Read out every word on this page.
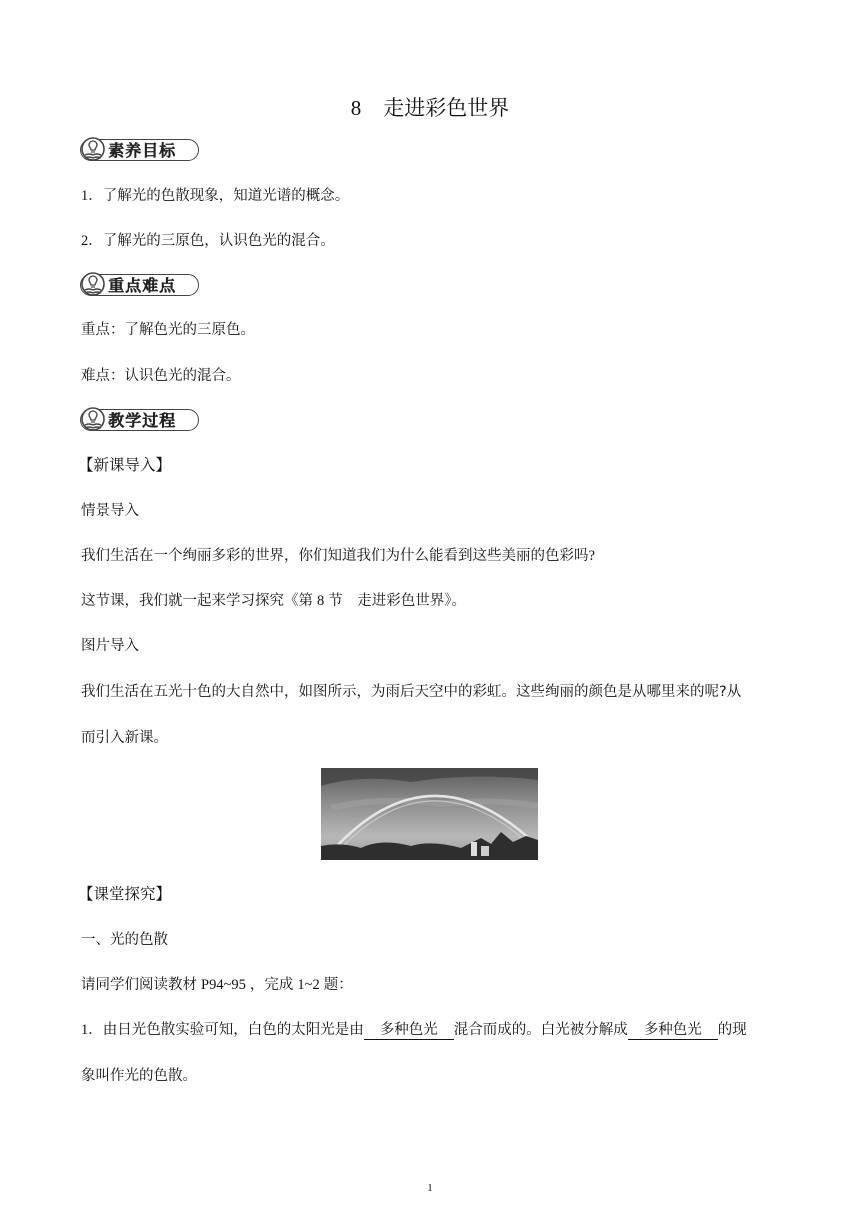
8 走进彩色世界
素养目标
1．了解光的色散现象，知道光谱的概念。
2．了解光的三原色，认识色光的混合。
重点难点
重点：了解色光的三原色。
难点：认识色光的混合。
教学过程
【新课导入】
情景导入
我们生活在一个绚丽多彩的世界，你们知道我们为什么能看到这些美丽的色彩吗?
这节课，我们就一起来学习探究《第 8 节　走进彩色世界》。
图片导入
我们生活在五光十色的大自然中，如图所示，为雨后天空中的彩虹。这些绚丽的颜色是从哪里来的呢?从
而引入新课。
【课堂探究】
一、光的色散
请同学们阅读教材 P94~95 ，完成 1~2 题：
1．由日光色散实验可知，白色的太阳光是由 多种色光 混合而成的。白光被分解成 多种色光 的现
象叫作光的色散。
1
